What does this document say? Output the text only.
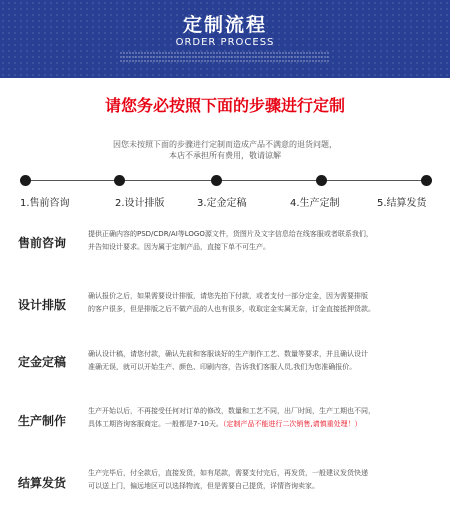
定制流程
ORDER PROCESS
请您务必按照下面的步骤进行定制
因您未按照下面的步骤进行定制而造成产品不满意的退货问题，
本店不承担所有费用，敬请谅解
1.售前咨询	2.设计排版	3.定金定稿	4.生产定制	5.结算发货
售前咨询
提供正确内容的PSD/CDR/AI等LOGO源文件，货图片及文字信息给在线客服或者联系我们，
并告知设计要求。因为属于定制产品，直接下单不可生产。
设计排版
确认报价之后，如果需要设计排版，请您先拍下付款，或者支付一部分定金，因为需要排版
的客户很多，但是排版之后不做产品的人也有很多，收取定金实属无奈，订金直接抵押货款。
定金定稿
确认设计稿，请您付款，确认先前和客服谈好的生产制作工艺、数量等要求，并且确认设计
准确无误，就可以开始生产、颜色、印刷内容，告诉我们客服人员,我们为您准确报价。
生产制作
生产开始以后，不再接受任何对订单的修改，数量和工艺不同，出厂时间，生产工期也不同，
具体工期咨询客服商定。一般都是7-10天。（定制产品不能进行二次销售,请慎重处理！）
结算发货
生产完毕后，付全款后，直接发货，如有尾款，需要支付完后，再发货，一般建议发货快递
可以送上门，偏远地区可以选择物流，但是需要自己提货，详情咨询卖家。
